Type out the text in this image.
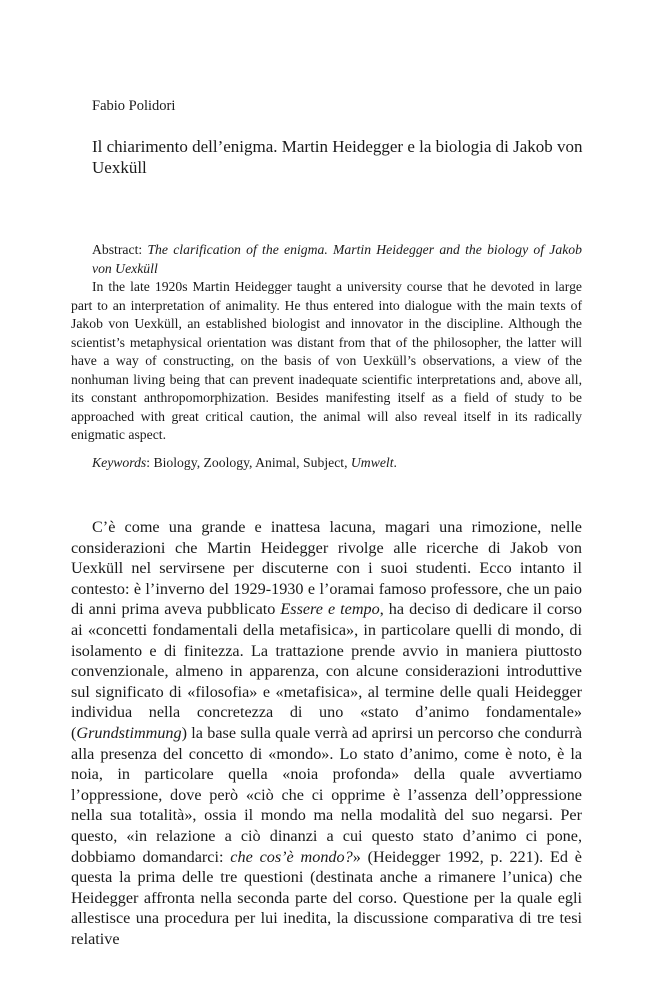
Fabio Polidori
Il chiarimento dell’enigma. Martin Heidegger e la biologia di Jakob von Uexküll

Abstract: The clarification of the enigma. Martin Heidegger and the biology of Jakob von Uexküll

In the late 1920s Martin Heidegger taught a university course that he devoted in large part to an interpretation of animality. He thus entered into dialogue with the main texts of Jakob von Uexküll, an established biologist and innovator in the discipline. Although the scientist’s metaphysical orientation was distant from that of the philosopher, the latter will have a way of constructing, on the basis of von Uexküll’s observations, a view of the nonhuman living being that can prevent inadequate scientific interpretations and, above all, its constant anthropomorphization. Besides manifesting itself as a field of study to be approached with great critical caution, the animal will also reveal itself in its radically enigmatic aspect.

Keywords: Biology, Zoology, Animal, Subject, Umwelt.

C’è come una grande e inattesa lacuna, magari una rimozione, nelle considerazioni che Martin Heidegger rivolge alle ricerche di Jakob von Uexküll nel servirsene per discuterne con i suoi studenti. Ecco intanto il contesto: è l’inverno del 1929-1930 e l’oramai famoso professore, che un paio di anni prima aveva pubblicato Essere e tempo, ha deciso di dedicare il corso ai «concetti fondamentali della metafisica», in particolare quelli di mondo, di isolamento e di finitezza. La trattazione prende avvio in maniera piuttosto convenzionale, almeno in apparenza, con alcune considerazioni introduttive sul significato di «filosofia» e «metafisica», al termine delle quali Heidegger individua nella concretezza di uno «stato d’animo fondamentale» (Grundstimmung) la base sulla quale verrà ad aprirsi un percorso che condurrà alla presenza del concetto di «mondo». Lo stato d’animo, come è noto, è la noia, in particolare quella «noia profonda» della quale avvertiamo l’oppressione, dove però «ciò che ci opprime è l’assenza dell’oppressione nella sua totalità», ossia il mondo ma nella modalità del suo negarsi. Per questo, «in relazione a ciò dinanzi a cui questo stato d’animo ci pone, dobbiamo domandarci: che cos’è mondo?» (Heidegger 1992, p. 221). Ed è questa la prima delle tre questioni (destinata anche a rimanere l’unica) che Heidegger affronta nella seconda parte del corso. Questione per la quale egli allestisce una procedura per lui inedita, la discussione comparativa di tre tesi relative
